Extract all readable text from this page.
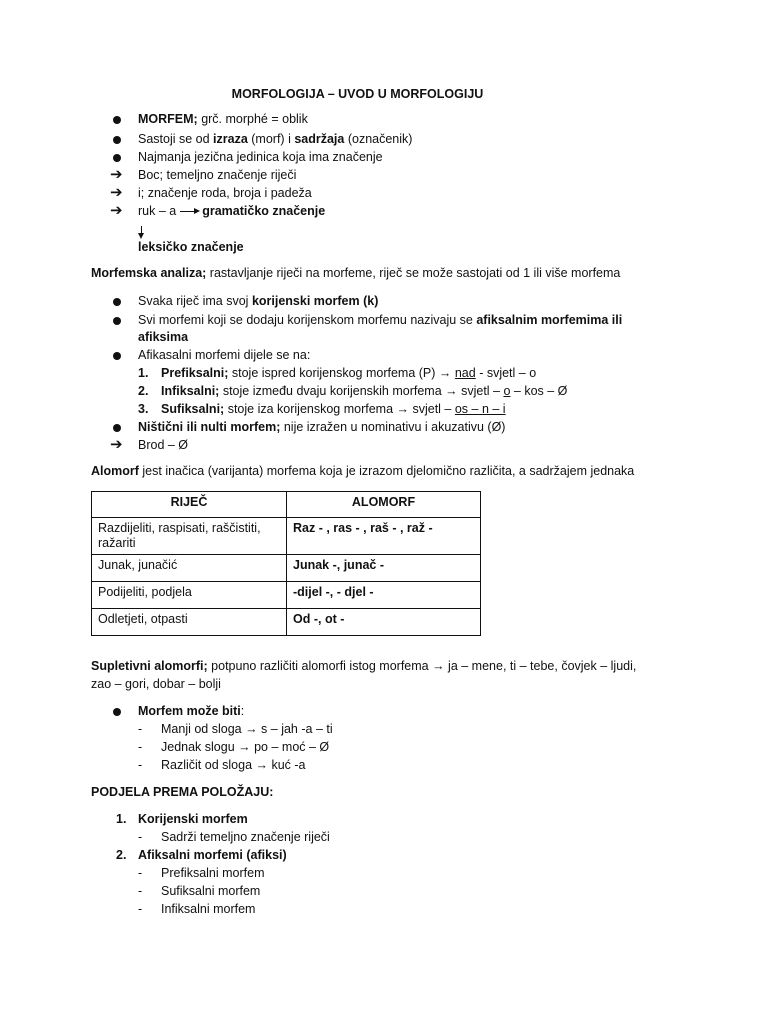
MORFOLOGIJA – UVOD U MORFOLOGIJU
MORFEM; grč. morphé = oblik
Sastoji se od izraza (morf) i sadržaja (označenik)
Najmanja jezična jedinica koja ima značenje
➔ Boc; temeljno značenje riječi
➔ i; značenje roda, broja i padeža
➔ ruk – a gramatičko značenje
leksičko značenje
Morfemska analiza; rastavljanje riječi na morfeme, riječ se može sastojati od 1 ili više morfema
Svaka riječ ima svoj korijenski morfem (k)
Svi morfemi koji se dodaju korijenskom morfemu nazivaju se afiksalnim morfemima ili
afiksima
Afikasalni morfemi dijele se na:
1. Prefiksalni; stoje ispred korijenskog morfema (P) → nad - svjetl – o
2. Infiksalni; stoje između dvaju korijenskih morfema → svjetl – o – kos – Ø
3. Sufiksalni; stoje iza korijenskog morfema → svjetl – os – n – i
Ništični ili nulti morfem; nije izražen u nominativu i akuzativu (Ø)
➔ Brod – Ø
Alomorf jest inačica (varijanta) morfema koja je izrazom djelomično različita, a sadržajem jednaka
RIJEČ	ALOMORF
Razdijeliti, raspisati, raščistiti,
ražariti	Raz - , ras - , raš - , raž -
Junak, junačić	Junak -, junač -
Podijeliti, podjela	-dijel -, - djel -
Odletjeti, otpasti	Od -, ot -
Supletivni alomorfi; potpuno različiti alomorfi istog morfema → ja – mene, ti – tebe, čovjek – ljudi,
zao – gori, dobar – bolji
Morfem može biti:
- Manji od sloga → s – jah -a – ti
- Jednak slogu → po – moć – Ø
- Različit od sloga → kuć -a
PODJELA PREMA POLOŽAJU:
1. Korijenski morfem
- Sadrži temeljno značenje riječi
2. Afiksalni morfemi (afiksi)
- Prefiksalni morfem
- Sufiksalni morfem
- Infiksalni morfem
